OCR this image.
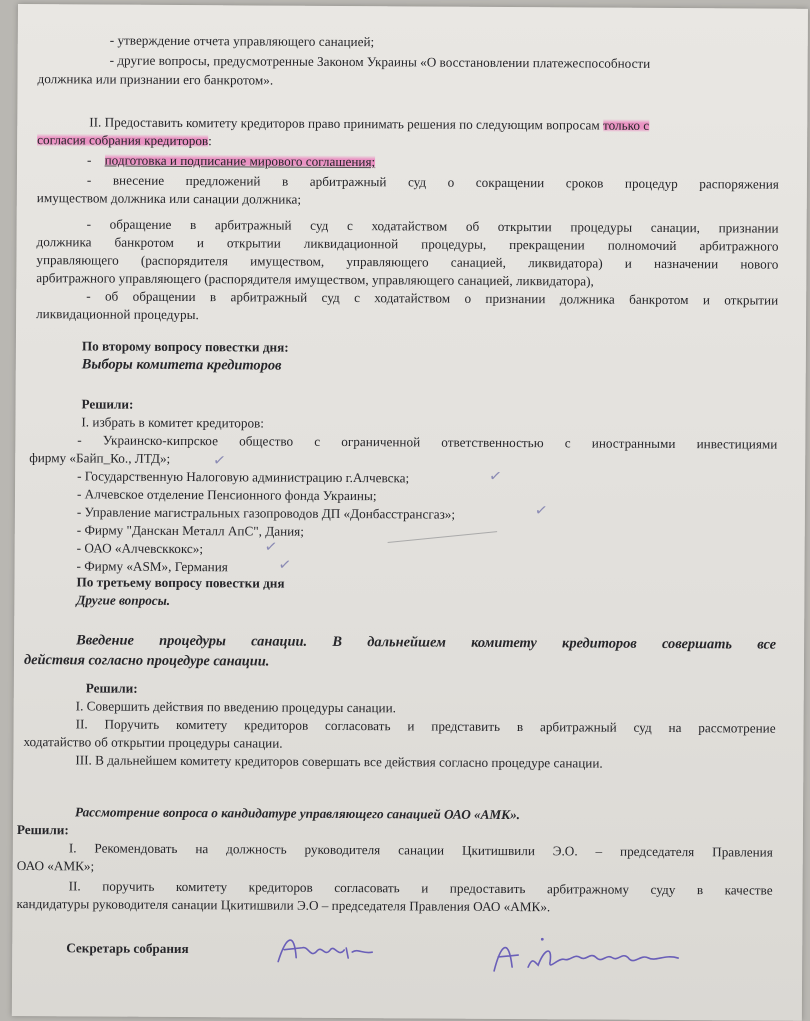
- утверждение отчета управляющего санацией;
- другие вопросы, предусмотренные Законом Украины «О восстановлении платежеспособности
должника или признании его банкротом».
II. Предоставить комитету кредиторов право принимать решения по следующим вопросам только с
согласия собрания кредиторов:
- подготовка и подписание мирового соглашения;
- внесение предложений в арбитражный суд о сокращении сроков процедур распоряжения
имуществом должника или санации должника;
- обращение в арбитражный суд с ходатайством об открытии процедуры санации, признании
должника банкротом и открытии ликвидационной процедуры, прекращении полномочий арбитражного
управляющего (распорядителя имуществом, управляющего санацией, ликвидатора) и назначении нового
арбитражного управляющего (распорядителя имуществом, управляющего санацией, ликвидатора),
- об обращении в арбитражный суд с ходатайством о признании должника банкротом и открытии
ликвидационной процедуры.
По второму вопросу повестки дня:
Выборы комитета кредиторов
Решили:
I. избрать в комитет кредиторов:
- Украинско-кипрское общество с ограниченной ответственностью с иностранными инвестициями
фирму «Байп_Ко., ЛТД»;
- Государственную Налоговую администрацию г.Алчевска;
- Алчевское отделение Пенсионного фонда Украины;
- Управление магистральных газопроводов ДП «Донбасстрансгаз»;
- Фирму "Данскан Металл АпС", Дания;
- ОАО «Алчевсккокс»;
- Фирму «ASM», Германия
✓
✓
✓
✓
✓
По третьему вопросу повестки дня
Другие вопросы.
Введение процедуры санации. В дальнейшем комитету кредиторов совершать все
действия согласно процедуре санации.
Решили:
I. Совершить действия по введению процедуры санации.
II. Поручить комитету кредиторов согласовать и представить в арбитражный суд на рассмотрение
ходатайство об открытии процедуры санации.
III. В дальнейшем комитету кредиторов совершать все действия согласно процедуре санации.
Рассмотрение вопроса о кандидатуре управляющего санацией ОАО «АМК».
Решили:
I. Рекомендовать на должность руководителя санации Цкитишвили Э.О. – председателя Правления
ОАО «АМК»;
II. поручить комитету кредиторов согласовать и предоставить арбитражному суду в качестве
кандидатуры руководителя санации Цкитишвили Э.О – председателя Правления ОАО «АМК».
Секретарь собрания
